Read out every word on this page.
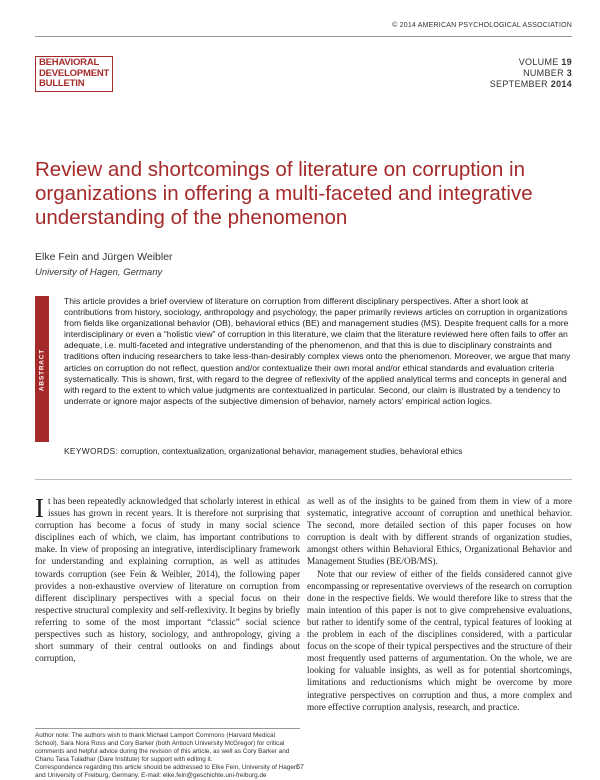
© 2014 AMERICAN PSYCHOLOGICAL ASSOCIATION
BEHAVIORAL
DEVELOPMENT
BULLETIN
VOLUME 19
NUMBER 3
SEPTEMBER 2014
Review and shortcomings of literature on corruption in organizations in offering a multi-faceted and integrative understanding of the phenomenon
Elke Fein and Jürgen Weibler
University of Hagen, Germany
ABSTRACT
This article provides a brief overview of literature on corruption from different disciplinary perspectives. After a short look at contributions from history, sociology, anthropology and psychology, the paper primarily reviews articles on corruption in organizations from fields like organizational behavior (OB), behavioral ethics (BE) and management studies (MS). Despite frequent calls for a more interdisciplinary or even a “holistic view” of corruption in this literature, we claim that the literature reviewed here often fails to offer an adequate, i.e. multi-faceted and integrative understanding of the phenomenon, and that this is due to disciplinary constraints and traditions often inducing researchers to take less-than-desirably complex views onto the phenomenon. Moreover, we argue that many articles on corruption do not reflect, question and/or contextualize their own moral and/or ethical standards and evaluation criteria systematically. This is shown, first, with regard to the degree of reflexivity of the applied analytical terms and concepts in general and with regard to the extent to which value judgments are contextualized in particular. Second, our claim is illustrated by a tendency to underrate or ignore major aspects of the subjective dimension of behavior, namely actors’ empirical action logics.
KEYWORDS: corruption, contextualization, organizational behavior, management studies, behavioral ethics

It has been repeatedly acknowledged that scholarly interest in ethical issues has grown in recent years. It is therefore not surprising that corruption has become a focus of study in many social science disciplines each of which, we claim, has important contributions to make. In view of proposing an integrative, interdisciplinary framework for understanding and explaining corruption, as well as attitudes towards corruption (see Fein & Weibler, 2014), the following paper provides a non-exhaustive overview of literature on corruption from different disciplinary perspectives with a special focus on their respective structural complexity and self-reflexivity. It begins by briefly referring to some of the most important “classic” social science perspectives such as history, sociology, and anthropology, giving a short summary of their central outlooks on and findings about corruption,

as well as of the insights to be gained from them in view of a more systematic, integrative account of corruption and unethical behavior. The second, more detailed section of this paper focuses on how corruption is dealt with by different strands of organization studies, amongst others within Behavioral Ethics, Organizational Behavior and Management Studies (BE/OB/MS).

Note that our review of either of the fields considered cannot give encompassing or representative overviews of the research on corruption done in the respective fields. We would therefore like to stress that the main intention of this paper is not to give comprehensive evaluations, but rather to identify some of the central, typical features of looking at the problem in each of the disciplines considered, with a particular focus on the scope of their typical perspectives and the structure of their most frequently used patterns of argumentation. On the whole, we are looking for valuable insights, as well as for potential shortcomings, limitations and reductionisms which might be overcome by more integrative perspectives on corruption and thus, a more complex and more effective corruption analysis, research, and practice.

Author note: The authors wish to thank Michael Lamport Commons (Harvard Medical School), Sara Nora Ross and Cory Barker (both Antioch University McGregor) for critical comments and helpful advice during the revision of this article, as well as Cory Barker and Chanu Tasa Tuladhar (Dare Institute) for support with editing it.

Correspondence regarding this article should be addressed to Elke Fein, University of Hagen and University of Freiburg, Germany. E-mail: elke.fein@geschichte.uni-freiburg.de

67
